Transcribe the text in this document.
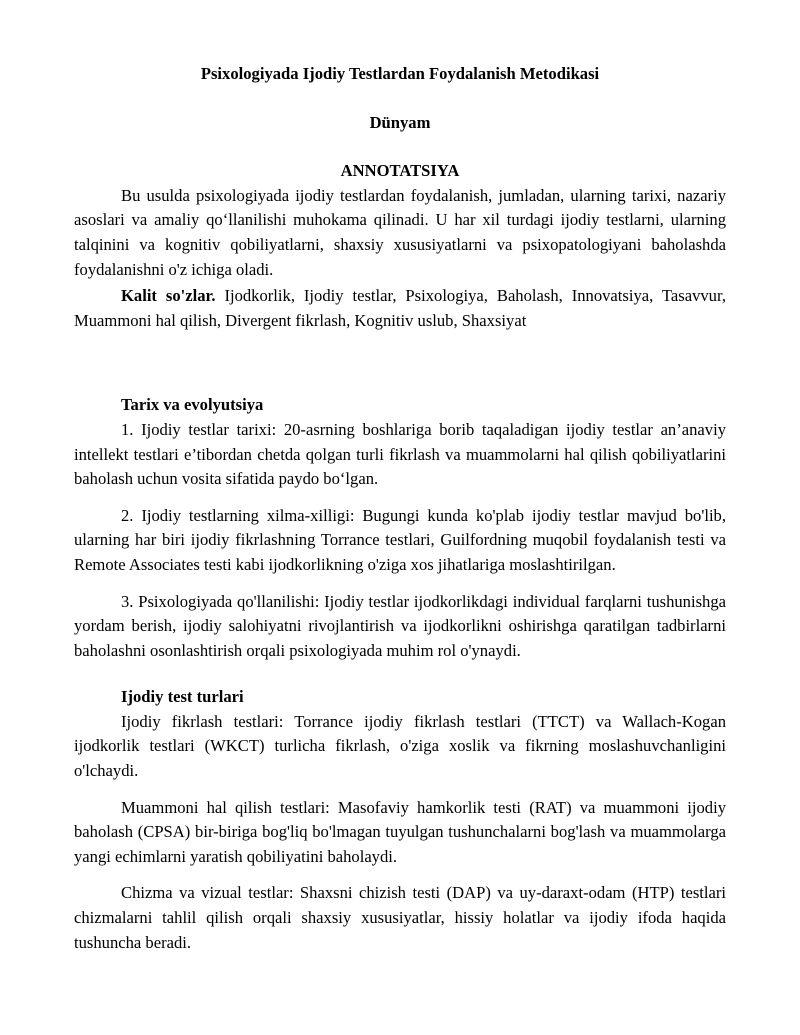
Psixologiyada Ijodiy Testlardan Foydalanish Metodikasi
Dünyam
ANNOTATSIYA

Bu usulda psixologiyada ijodiy testlardan foydalanish, jumladan, ularning tarixi, nazariy asoslari va amaliy qo‘llanilishi muhokama qilinadi. U har xil turdagi ijodiy testlarni, ularning talqinini va kognitiv qobiliyatlarni, shaxsiy xususiyatlarni va psixopatologiyani baholashda foydalanishni o'z ichiga oladi.

Kalit so'zlar. Ijodkorlik, Ijodiy testlar, Psixologiya, Baholash, Innovatsiya, Tasavvur, Muammoni hal qilish, Divergent fikrlash, Kognitiv uslub, Shaxsiyat

Tarix va evolyutsiya

1. Ijodiy testlar tarixi: 20-asrning boshlariga borib taqaladigan ijodiy testlar an’anaviy intellekt testlari e’tibordan chetda qolgan turli fikrlash va muammolarni hal qilish qobiliyatlarini baholash uchun vosita sifatida paydo bo‘lgan.

2. Ijodiy testlarning xilma-xilligi: Bugungi kunda ko'plab ijodiy testlar mavjud bo'lib, ularning har biri ijodiy fikrlashning Torrance testlari, Guilfordning muqobil foydalanish testi va Remote Associates testi kabi ijodkorlikning o'ziga xos jihatlariga moslashtirilgan.

3. Psixologiyada qo'llanilishi: Ijodiy testlar ijodkorlikdagi individual farqlarni tushunishga yordam berish, ijodiy salohiyatni rivojlantirish va ijodkorlikni oshirishga qaratilgan tadbirlarni baholashni osonlashtirish orqali psixologiyada muhim rol o'ynaydi.

Ijodiy test turlari

Ijodiy fikrlash testlari: Torrance ijodiy fikrlash testlari (TTCT) va Wallach-Kogan ijodkorlik testlari (WKCT) turlicha fikrlash, o'ziga xoslik va fikrning moslashuvchanligini o'lchaydi.

Muammoni hal qilish testlari: Masofaviy hamkorlik testi (RAT) va muammoni ijodiy baholash (CPSA) bir-biriga bog'liq bo'lmagan tuyulgan tushunchalarni bog'lash va muammolarga yangi echimlarni yaratish qobiliyatini baholaydi.

Chizma va vizual testlar: Shaxsni chizish testi (DAP) va uy-daraxt-odam (HTP) testlari chizmalarni tahlil qilish orqali shaxsiy xususiyatlar, hissiy holatlar va ijodiy ifoda haqida tushuncha beradi.
